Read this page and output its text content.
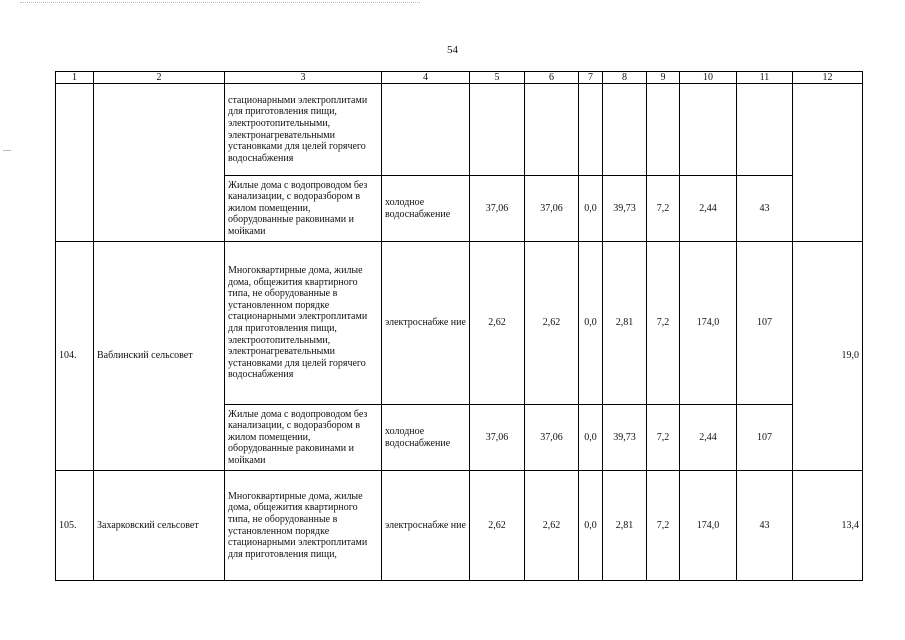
54
1	2	3	4	5	6	7	8	9	10	11	12
		стационарными электроплитами для приготовления пищи, электроотопительными, электронагревательными установками для целей горячего водоснабжения									
		Жилые дома с водопроводом без канализации, с водоразбором в жилом помещении, оборудованные раковинами и мойками	холодное водоснабжение	37,06	37,06	0,0	39,73	7,2	2,44	43	
104.	Ваблинский сельсовет	Многоквартирные дома, жилые дома, общежития квартирного типа, не оборудованные в установленном порядке стационарными электроплитами для приготовления пищи, электроотопительными, электронагревательными установками для целей горячего водоснабжения	электроснабже ние	2,62	2,62	0,0	2,81	7,2	174,0	107	19,0
		Жилые дома с водопроводом без канализации, с водоразбором в жилом помещении, оборудованные раковинами и мойками	холодное водоснабжение	37,06	37,06	0,0	39,73	7,2	2,44	107	
105.	Захарковский сельсовет	Многоквартирные дома, жилые дома, общежития квартирного типа, не оборудованные в установленном порядке стационарными электроплитами для приготовления пищи,	электроснабже ние	2,62	2,62	0,0	2,81	7,2	174,0	43	13,4
